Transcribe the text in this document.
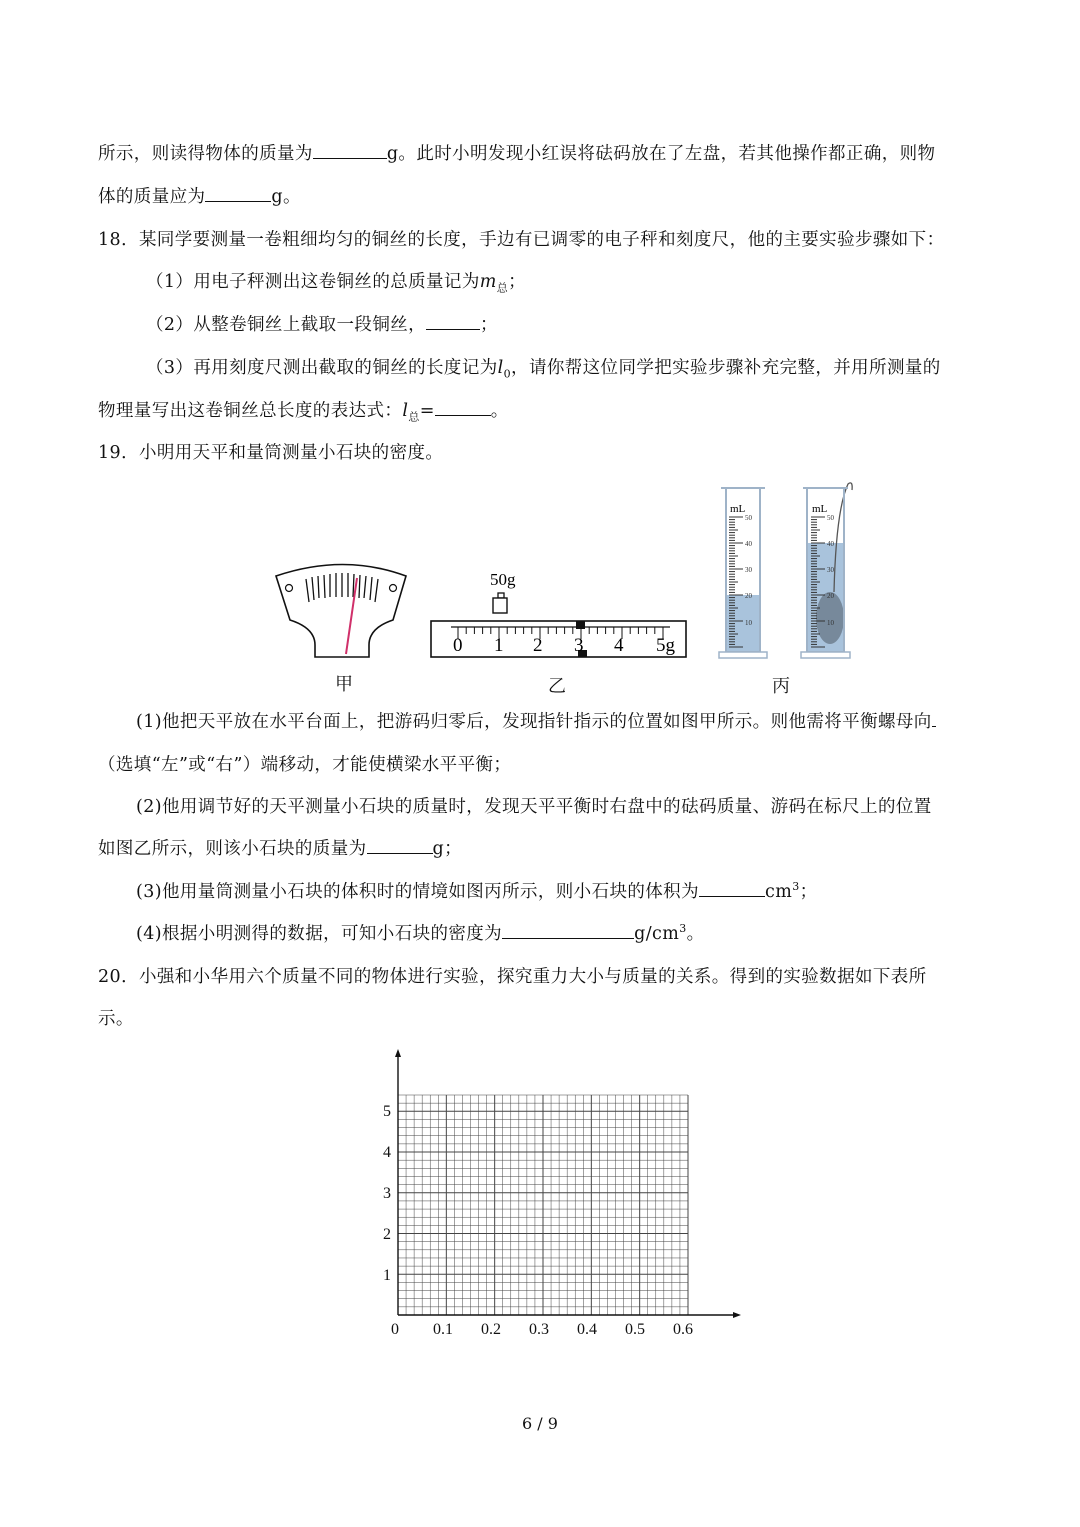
所示，则读得物体的质量为	g。此时小明发现小红误将砝码放在了左盘，若其他操作都正确，则物
体的质量应为	g。
18．某同学要测量一卷粗细均匀的铜丝的长度，手边有已调零的电子秤和刻度尺，他的主要实验步骤如下：
（1）用电子秤测出这卷铜丝的总质量记为$m_总$；
（2）从整卷铜丝上截取一段铜丝，	；
（3）再用刻度尺测出截取的铜丝的长度记为$l_0$，请你帮这位同学把实验步骤补充完整，并用所测量的
物理量写出这卷铜丝总长度的表达式：$l_总=$	。
19．小明用天平和量筒测量小石块的密度。
50g
0 1 2 3 4 5g
mL
50
40
30
20
10
mL
50
40
30
20
10
甲	乙	丙
(1)他把天平放在水平台面上，把游码归零后，发现指针指示的位置如图甲所示。则他需将平衡螺母向
（选填“左”或“右”）端移动，才能使横梁水平平衡；
(2)他用调节好的天平测量小石块的质量时，发现天平平衡时右盘中的砝码质量、游码在标尺上的位置
如图乙所示，则该小石块的质量为	g；
(3)他用量筒测量小石块的体积时的情境如图丙所示，则小石块的体积为	$cm^3$；
(4)根据小明测得的数据，可知小石块的密度为	$g/cm^3$。
20．小强和小华用六个质量不同的物体进行实验，探究重力大小与质量的关系。得到的实验数据如下表所
示。
1
2
3
4
5
0 0.1 0.2 0.3 0.4 0.5 0.6
6 / 9
